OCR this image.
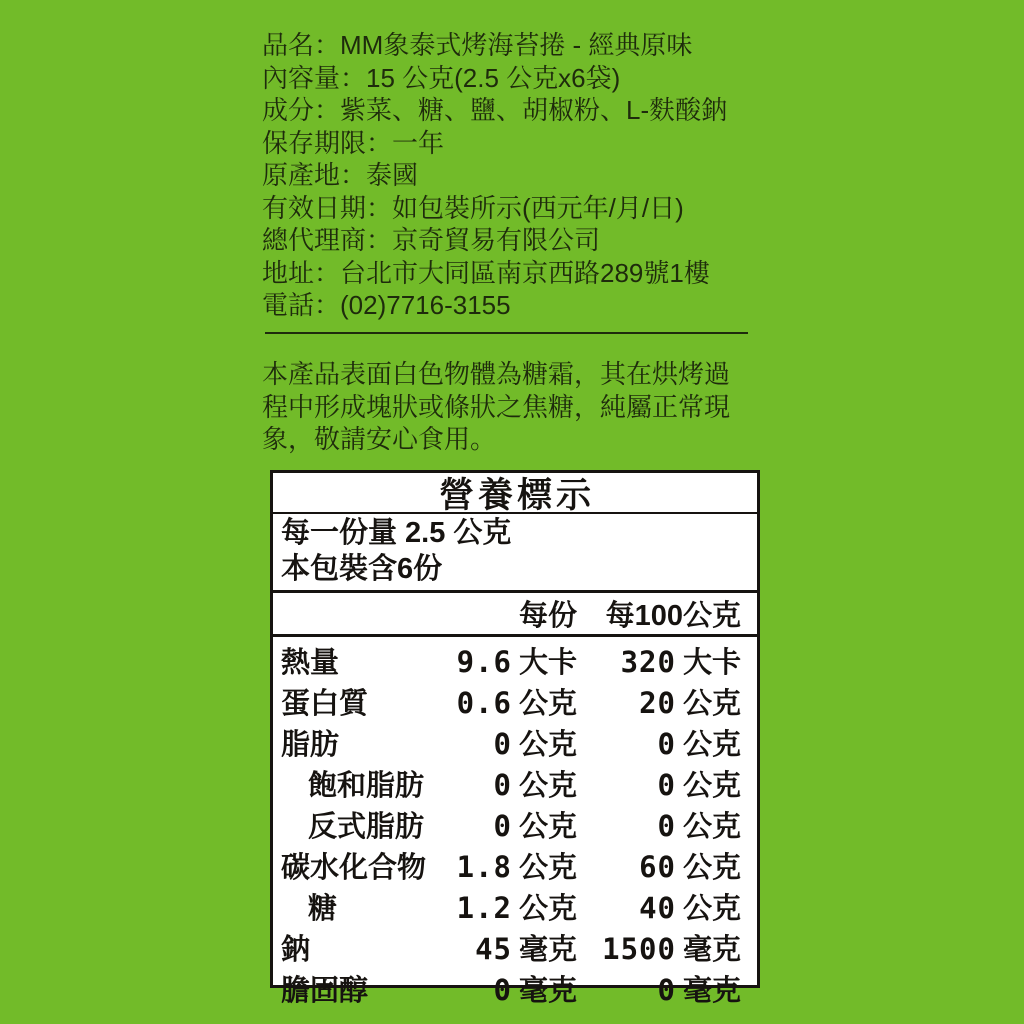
品名：MM象泰式烤海苔捲 - 經典原味
內容量：15 公克(2.5 公克x6袋)
成分：紫菜、糖、鹽、胡椒粉、L-麩酸鈉
保存期限：一年
原產地：泰國
有效日期：如包裝所示(西元年/月/日)
總代理商：京奇貿易有限公司
地址：台北市大同區南京西路289號1樓
電話：(02)7716-3155
本產品表面白色物體為糖霜，其在烘烤過
程中形成塊狀或條狀之焦糖，純屬正常現
象，敬請安心食用。
營養標示
每一份量 2.5 公克
本包裝含6份
每份 每100公克
熱量	9.6 大卡 320 大卡
蛋白質	0.6 公克 20 公克
脂肪	0 公克	0 公克
飽和脂肪	0 公克	0 公克
反式脂肪	0 公克	0 公克
碳水化合物	1.8 公克 60 公克
糖	1.2 公克 40 公克
鈉	45 毫克 1500 毫克
膽固醇	0 毫克	0 毫克
